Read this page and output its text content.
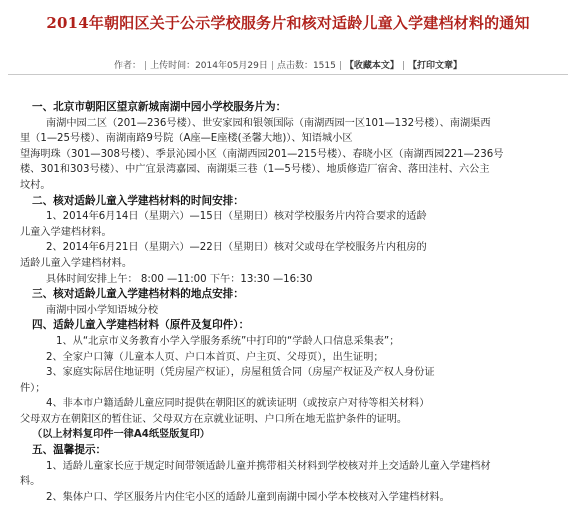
2014年朝阳区关于公示学校服务片和核对适龄儿童入学建档材料的通知
作者： | 上传时间：2014年05月29日 | 点击数：1515 | 【收藏本文】 | 【打印文章】
一、北京市朝阳区望京新城南湖中园小学校服务片为：
南湖中园二区（201—236号楼）、世安家园和银领国际（南湖西园一区101—132号楼）、南湖渠西
里（1—25号楼）、南湖南路9号院（A座—E座楼(圣馨大地)）、知语城小区
望海明珠（301—308号楼）、季景沁园小区（南湖西园201—215号楼）、春晓小区（南湖西园221—236号
楼、301和303号楼）、中广宜景湾嘉园、南湖渠三巷（1—5号楼）、地质修造厂宿舍、落田洼村、六公主
坟村。
二、核对适龄儿童入学建档材料的时间安排：
1、2014年6月14日（星期六）—15日（星期日）核对学校服务片内符合要求的适龄
儿童入学建档材料。
2、2014年6月21日（星期六）—22日（星期日）核对父或母在学校服务片内租房的
适龄儿童入学建档材料。
具体时间安排上午： 8:00 —11:00 下午：13:30 —16:30
三、核对适龄儿童入学建档材料的地点安排：
南湖中园小学知语城分校
四、适龄儿童入学建档材料（原件及复印件）：
1、从“北京市义务教育小学入学服务系统”中打印的“学龄人口信息采集表”；
2、全家户口簿（儿童本人页、户口本首页、户主页、父母页），出生证明；
3、家庭实际居住地证明（凭房屋产权证），房屋租赁合同（房屋产权证及产权人身份证
件）；
4、非本市户籍适龄儿童应同时提供在朝阳区的就读证明（或按京户对待等相关材料）
父母双方在朝阳区的暂住证、父母双方在京就业证明、户口所在地无监护条件的证明。
（以上材料复印件一律A4纸竖版复印）
五、温馨提示：
1、适龄儿童家长应于规定时间带领适龄儿童并携带相关材料到学校核对并上交适龄儿童入学建档材
料。
2、集体户口、学区服务片内住宅小区的适龄儿童到南湖中园小学本校核对入学建档材料。
